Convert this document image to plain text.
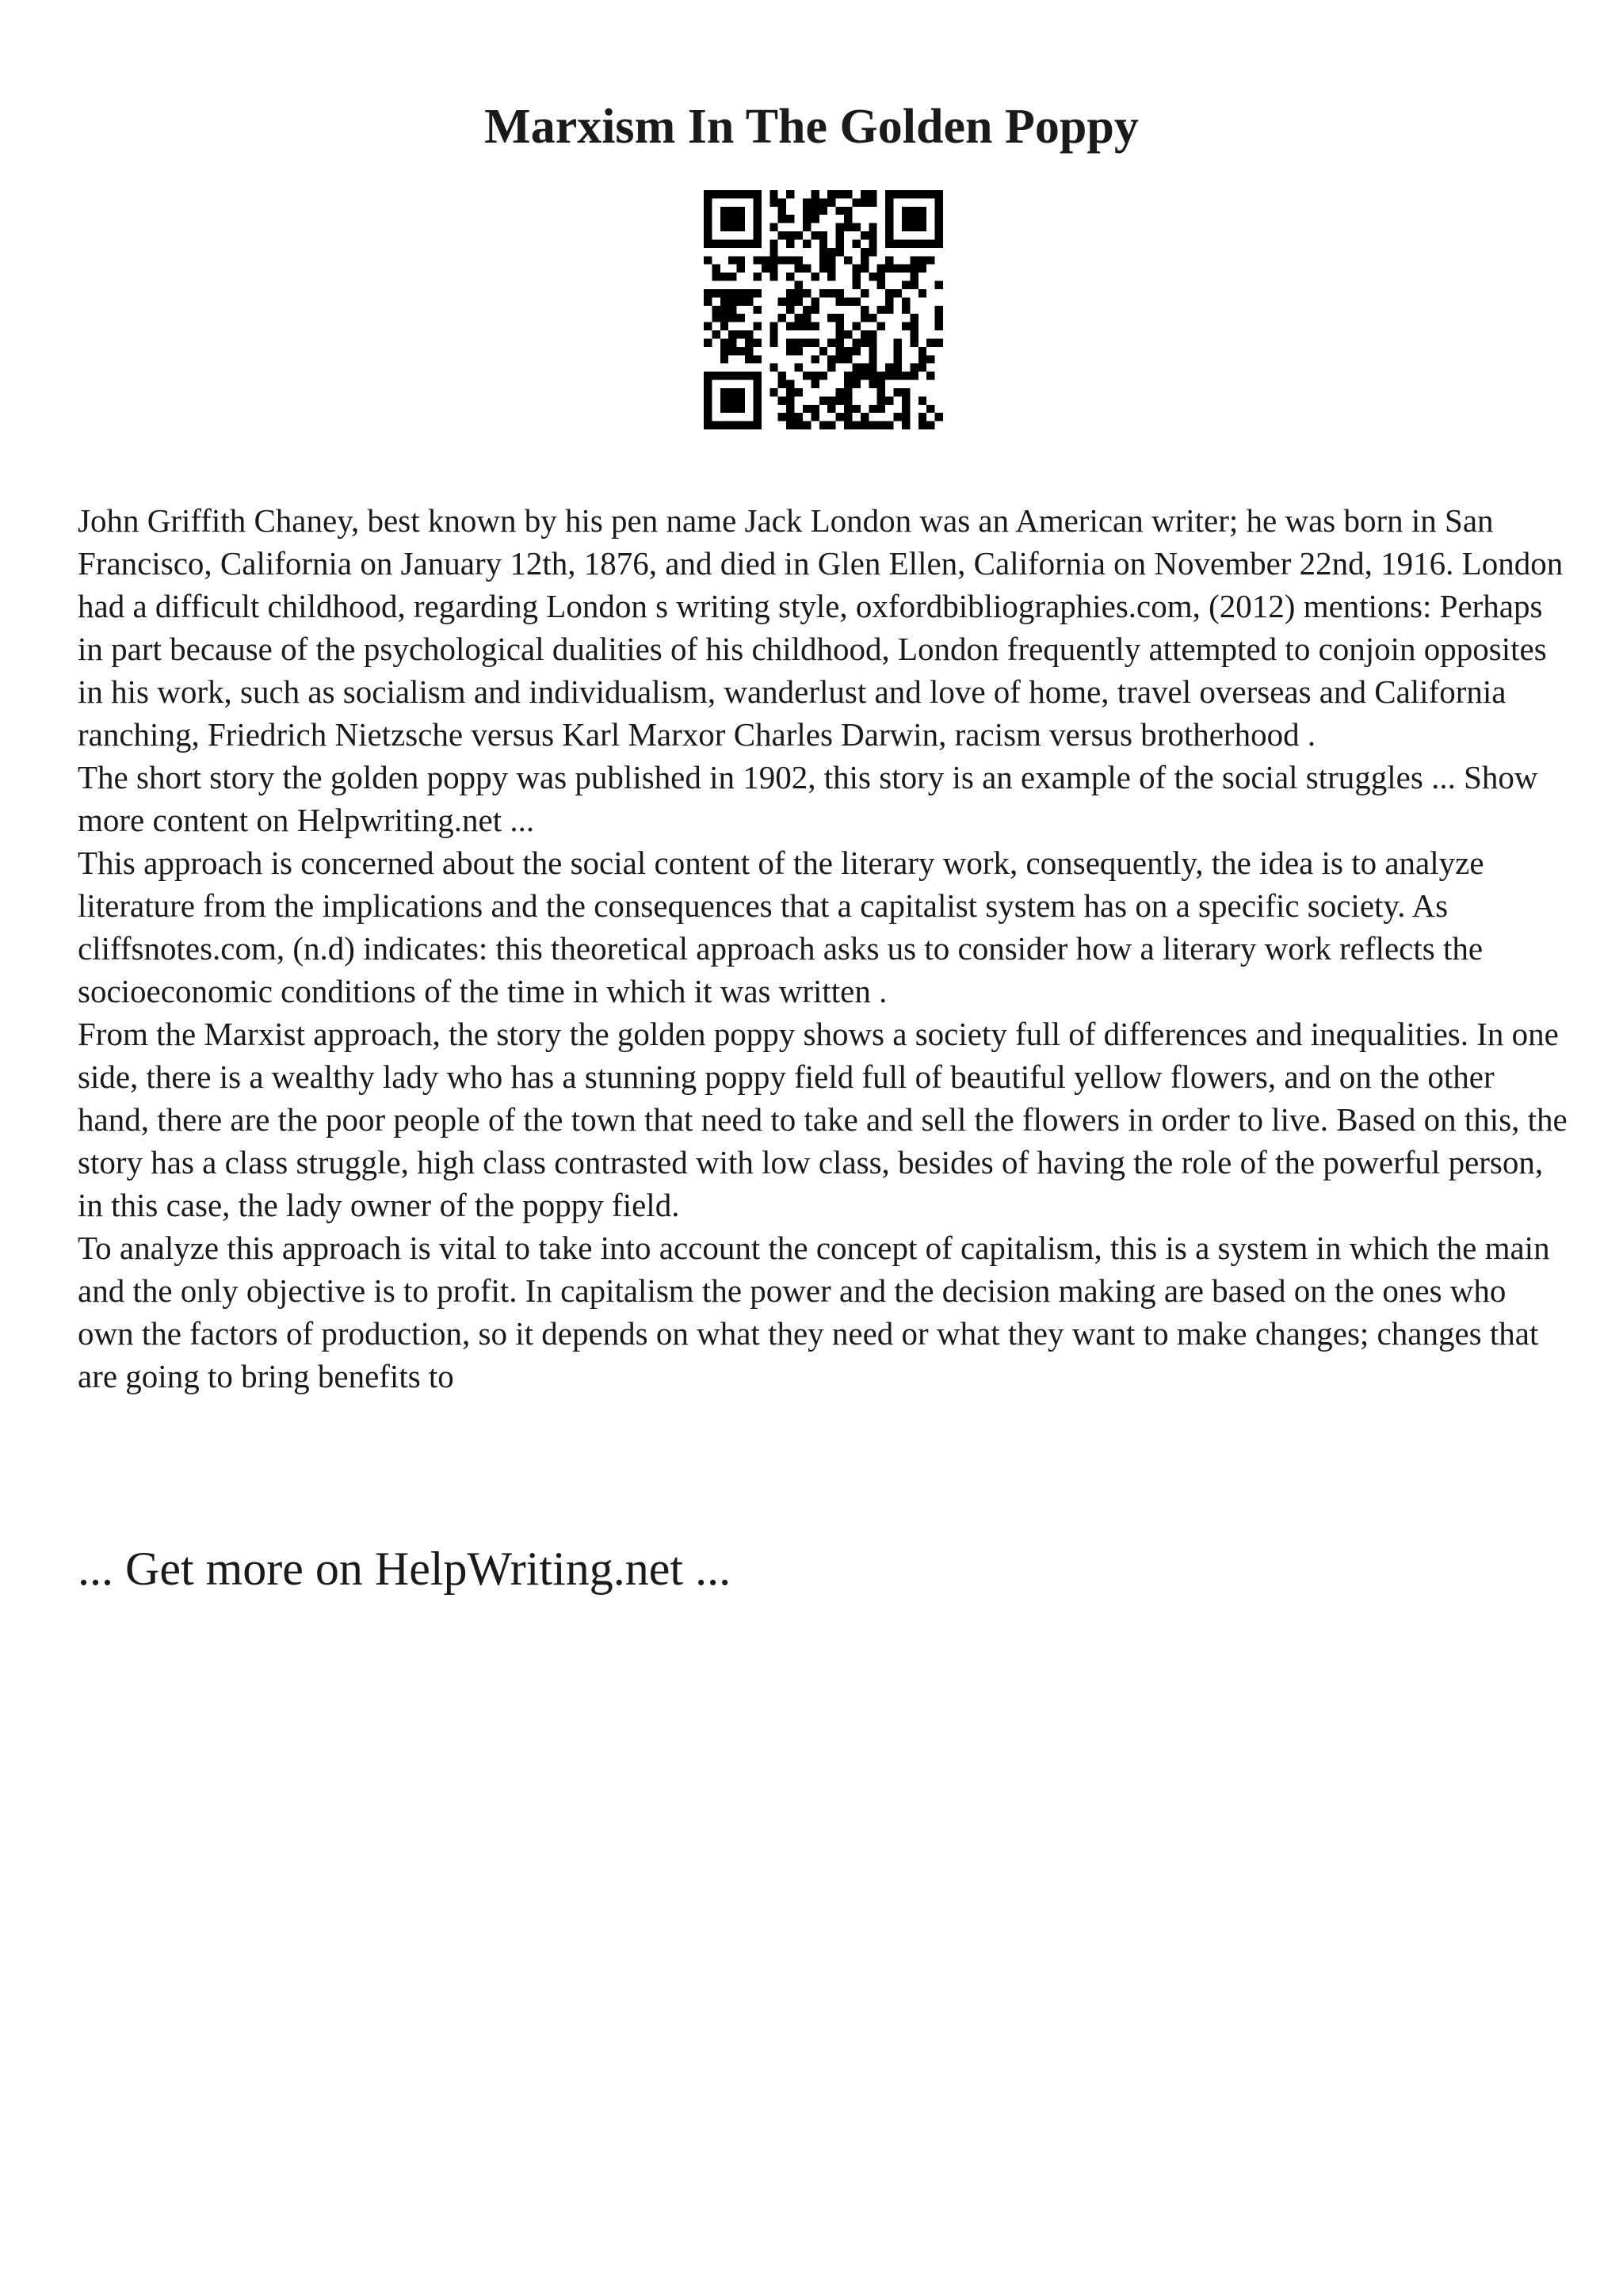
Marxism In The Golden Poppy

John Griffith Chaney, best known by his pen name Jack London was an American writer; he was born in San Francisco, California on January 12th, 1876, and died in Glen Ellen, California on November 22nd, 1916. London had a difficult childhood, regarding London s writing style, oxfordbibliographies.com, (2012) mentions: Perhaps in part because of the psychological dualities of his childhood, London frequently attempted to conjoin opposites in his work, such as socialism and individualism, wanderlust and love of home, travel overseas and California ranching, Friedrich Nietzsche versus Karl Marxor Charles Darwin, racism versus brotherhood .

The short story the golden poppy was published in 1902, this story is an example of the social struggles ... Show more content on Helpwriting.net ...

This approach is concerned about the social content of the literary work, consequently, the idea is to analyze literature from the implications and the consequences that a capitalist system has on a specific society. As cliffsnotes.com, (n.d) indicates: this theoretical approach asks us to consider how a literary work reflects the socioeconomic conditions of the time in which it was written .

From the Marxist approach, the story the golden poppy shows a society full of differences and inequalities. In one side, there is a wealthy lady who has a stunning poppy field full of beautiful yellow flowers, and on the other hand, there are the poor people of the town that need to take and sell the flowers in order to live. Based on this, the story has a class struggle, high class contrasted with low class, besides of having the role of the powerful person, in this case, the lady owner of the poppy field.

To analyze this approach is vital to take into account the concept of capitalism, this is a system in which the main and the only objective is to profit. In capitalism the power and the decision making are based on the ones who own the factors of production, so it depends on what they need or what they want to make changes; changes that are going to bring benefits to

... Get more on HelpWriting.net ...
